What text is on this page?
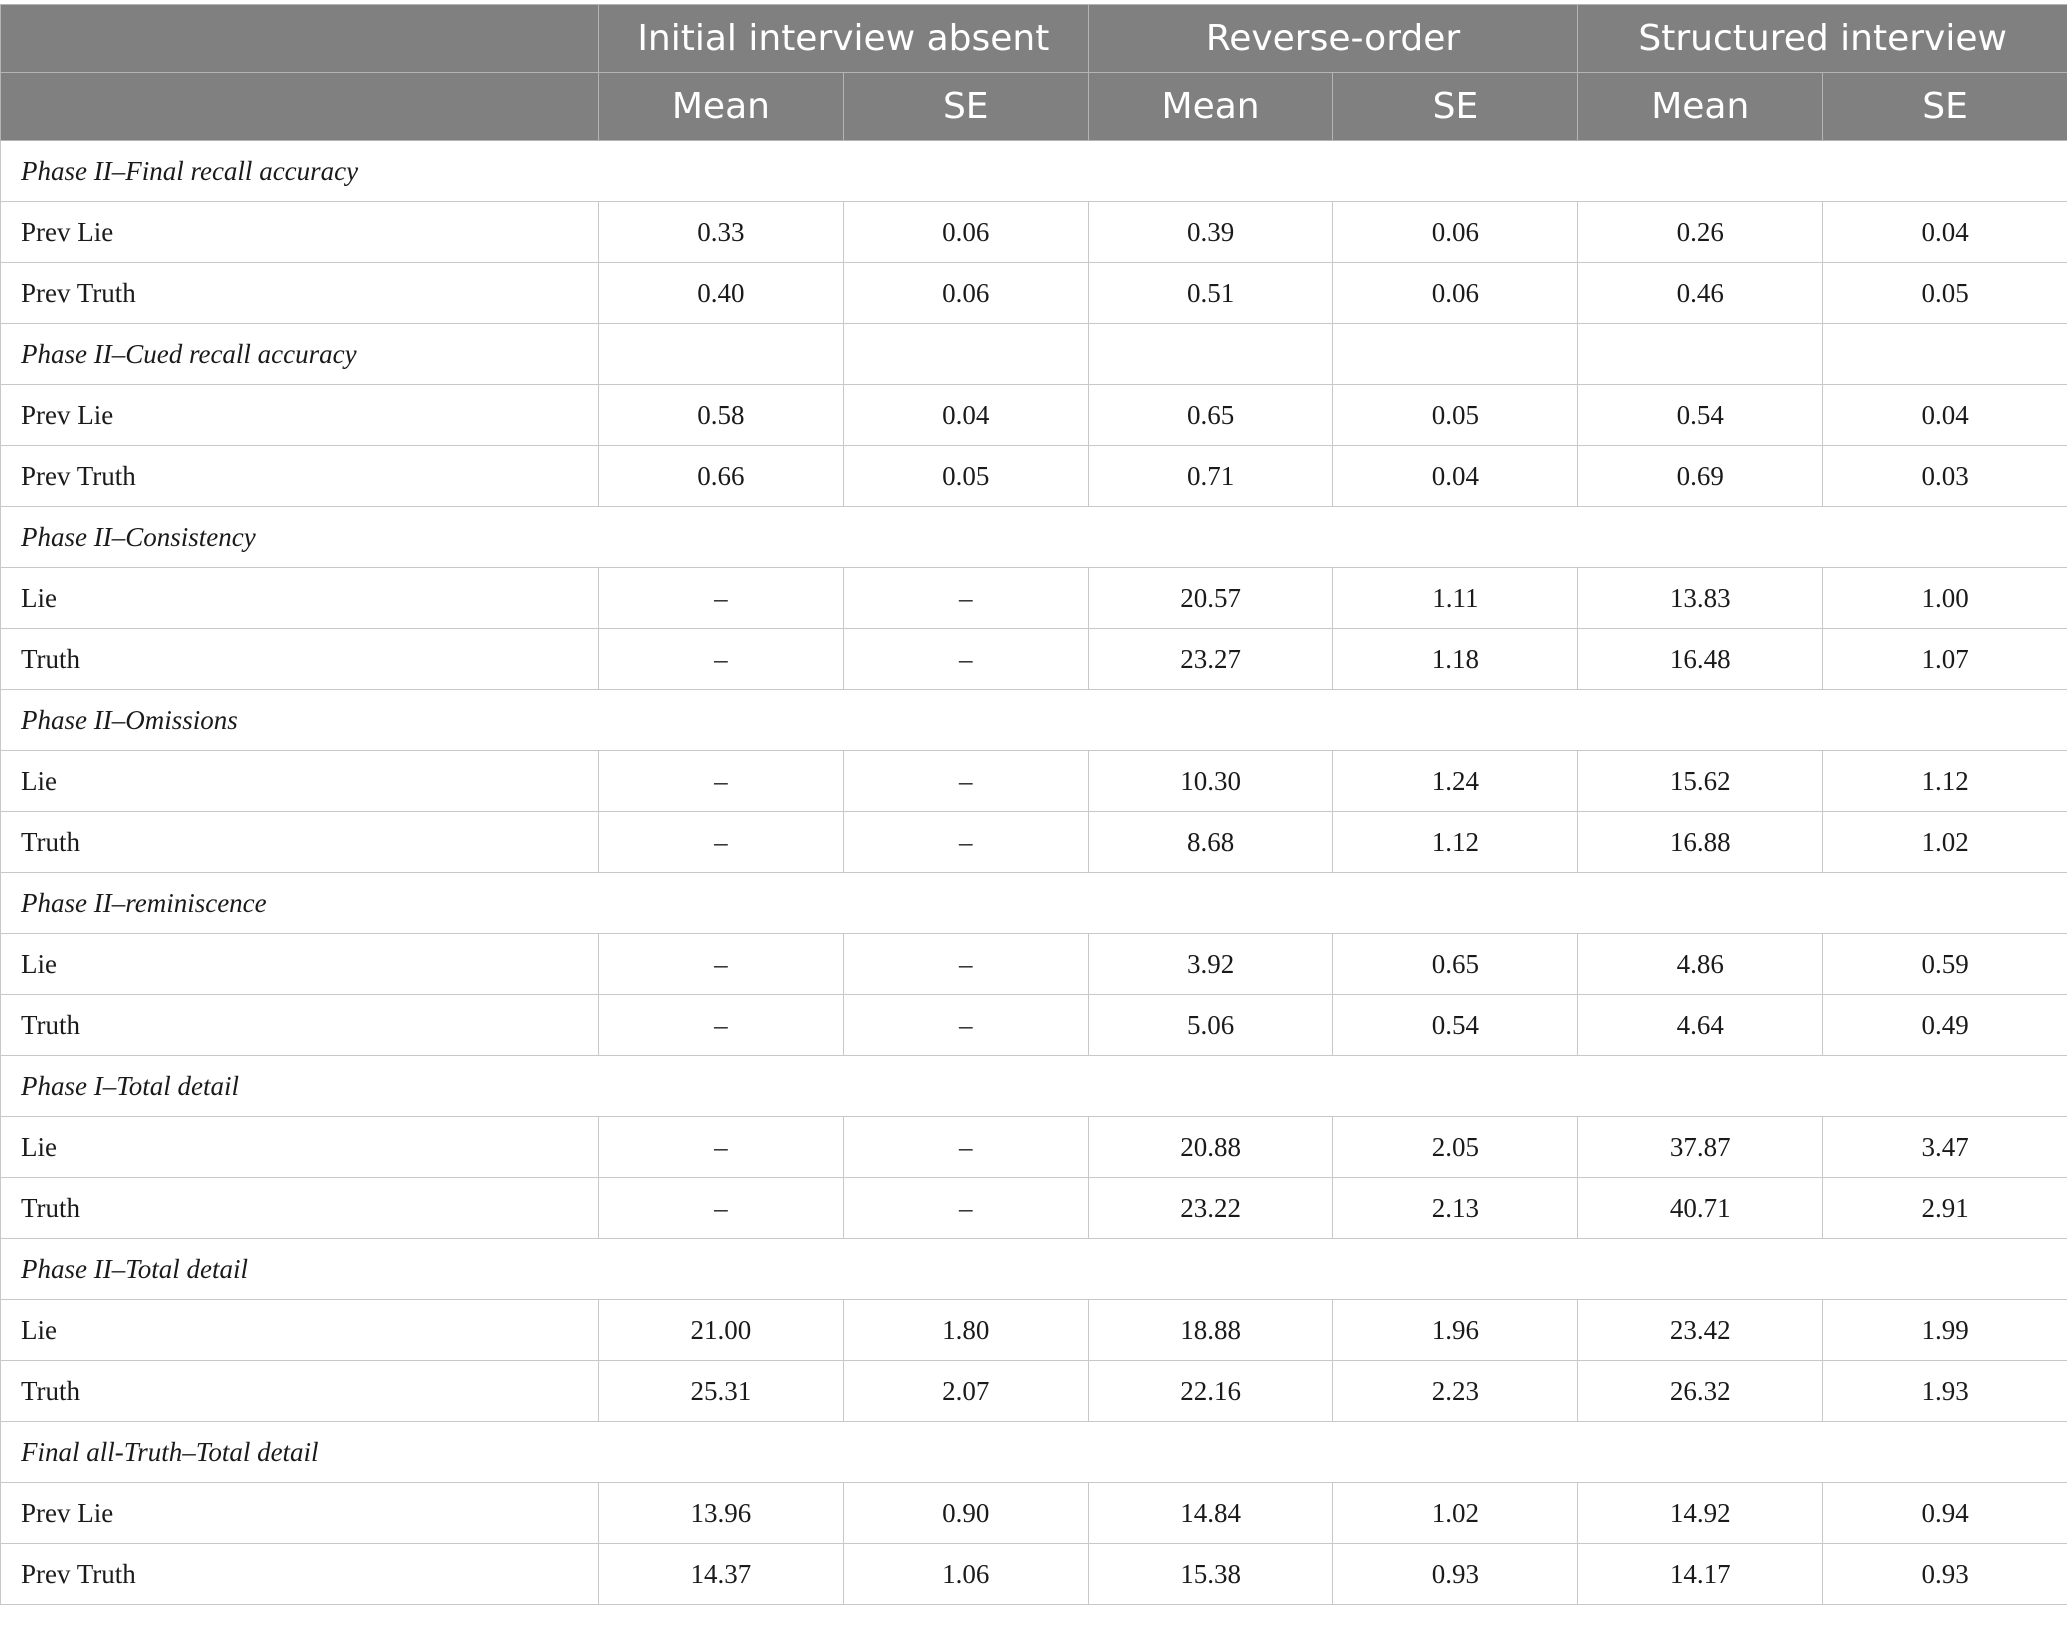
	Initial interview absent		Reverse-order		Structured interview	
	Mean	SE	Mean	SE	Mean	SE
Phase II–Final recall accuracy						
Prev Lie	0.33	0.06	0.39	0.06	0.26	0.04
Prev Truth	0.40	0.06	0.51	0.06	0.46	0.05
Phase II–Cued recall accuracy						
Prev Lie	0.58	0.04	0.65	0.05	0.54	0.04
Prev Truth	0.66	0.05	0.71	0.04	0.69	0.03
Phase II–Consistency						
Lie	–	–	20.57	1.11	13.83	1.00
Truth	–	–	23.27	1.18	16.48	1.07
Phase II–Omissions						
Lie	–	–	10.30	1.24	15.62	1.12
Truth	–	–	8.68	1.12	16.88	1.02
Phase II–reminiscence						
Lie	–	–	3.92	0.65	4.86	0.59
Truth	–	–	5.06	0.54	4.64	0.49
Phase I–Total detail						
Lie	–	–	20.88	2.05	37.87	3.47
Truth	–	–	23.22	2.13	40.71	2.91
Phase II–Total detail						
Lie	21.00	1.80	18.88	1.96	23.42	1.99
Truth	25.31	2.07	22.16	2.23	26.32	1.93
Final all-Truth–Total detail						
Prev Lie	13.96	0.90	14.84	1.02	14.92	0.94
Prev Truth	14.37	1.06	15.38	0.93	14.17	0.93
